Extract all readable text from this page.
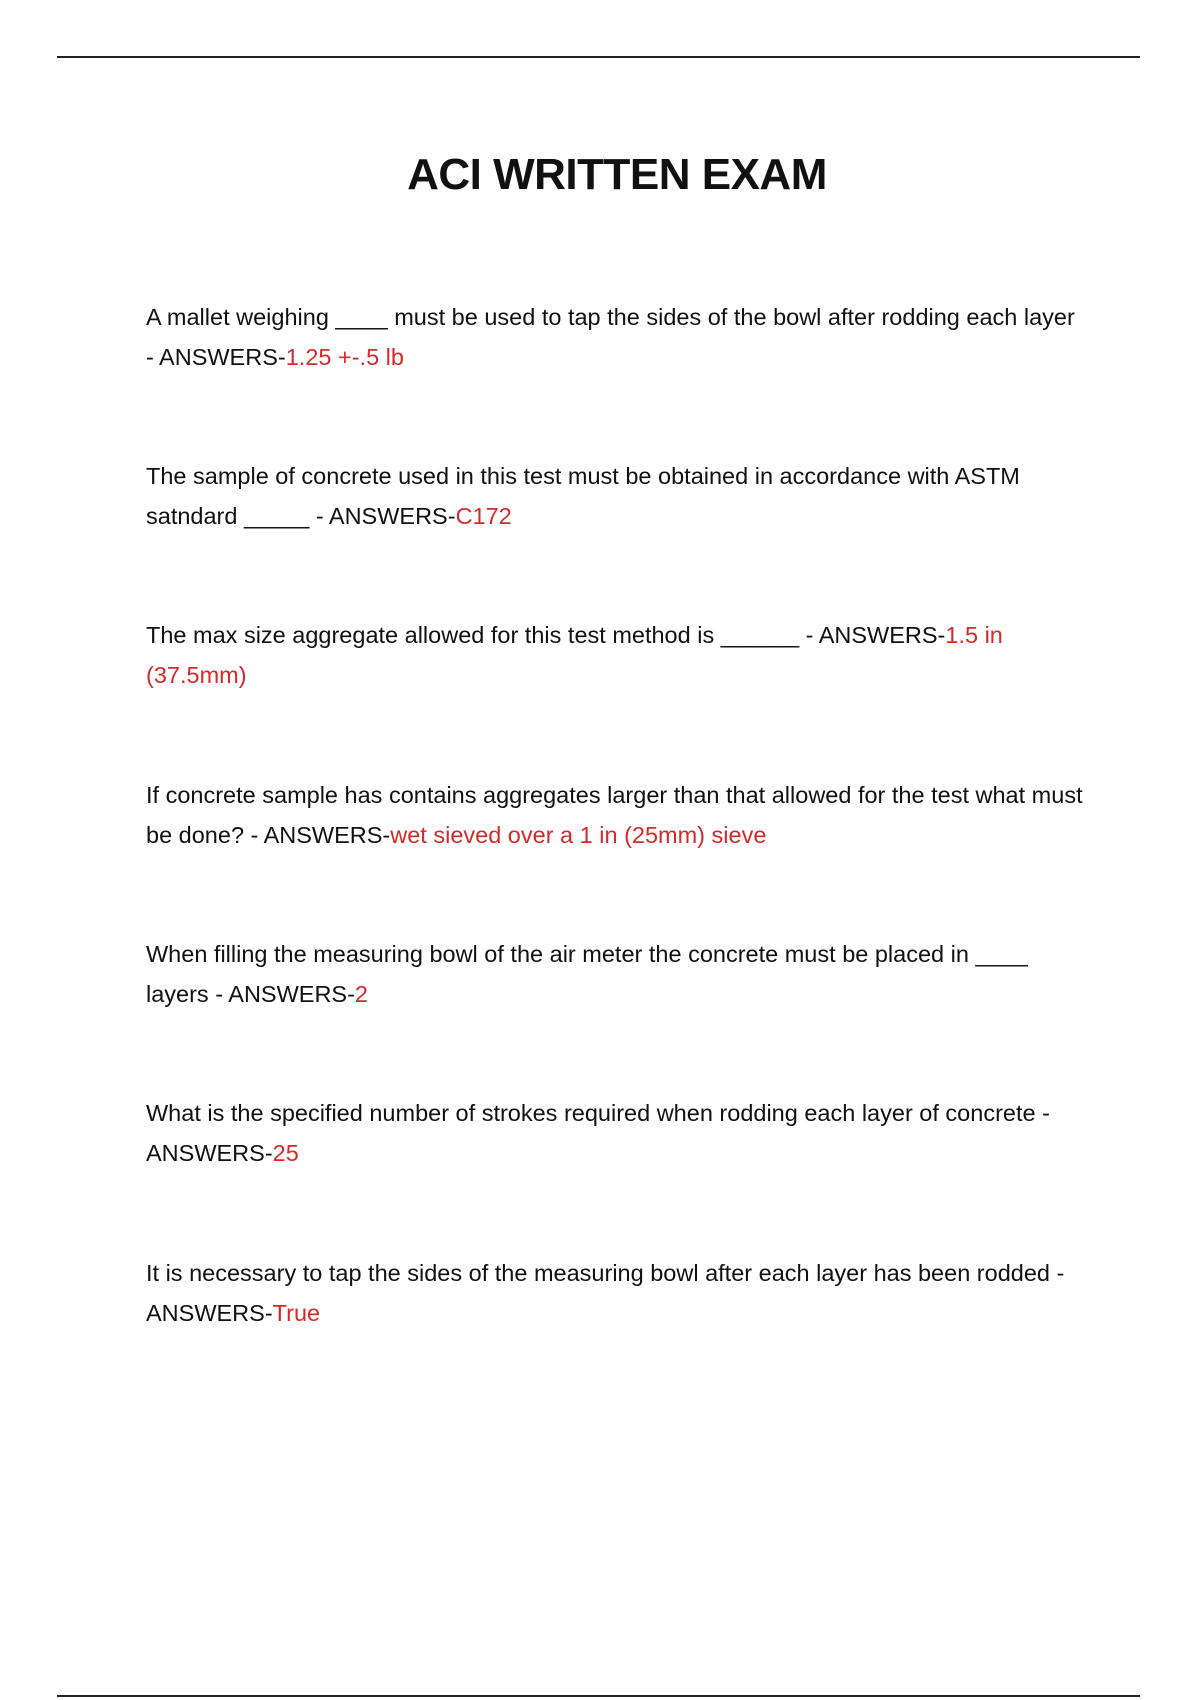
ACI WRITTEN EXAM

A mallet weighing ____ must be used to tap the sides of the bowl after rodding each layer - ANSWERS-1.25 +-.5 lb

The sample of concrete used in this test must be obtained in accordance with ASTM satndard _____ - ANSWERS-C172

The max size aggregate allowed for this test method is ______ - ANSWERS-1.5 in (37.5mm)

If concrete sample has contains aggregates larger than that allowed for the test what must be done? - ANSWERS-wet sieved over a 1 in (25mm) sieve

When filling the measuring bowl of the air meter the concrete must be placed in ____ layers - ANSWERS-2

What is the specified number of strokes required when rodding each layer of concrete - ANSWERS-25

It is necessary to tap the sides of the measuring bowl after each layer has been rodded - ANSWERS-True
